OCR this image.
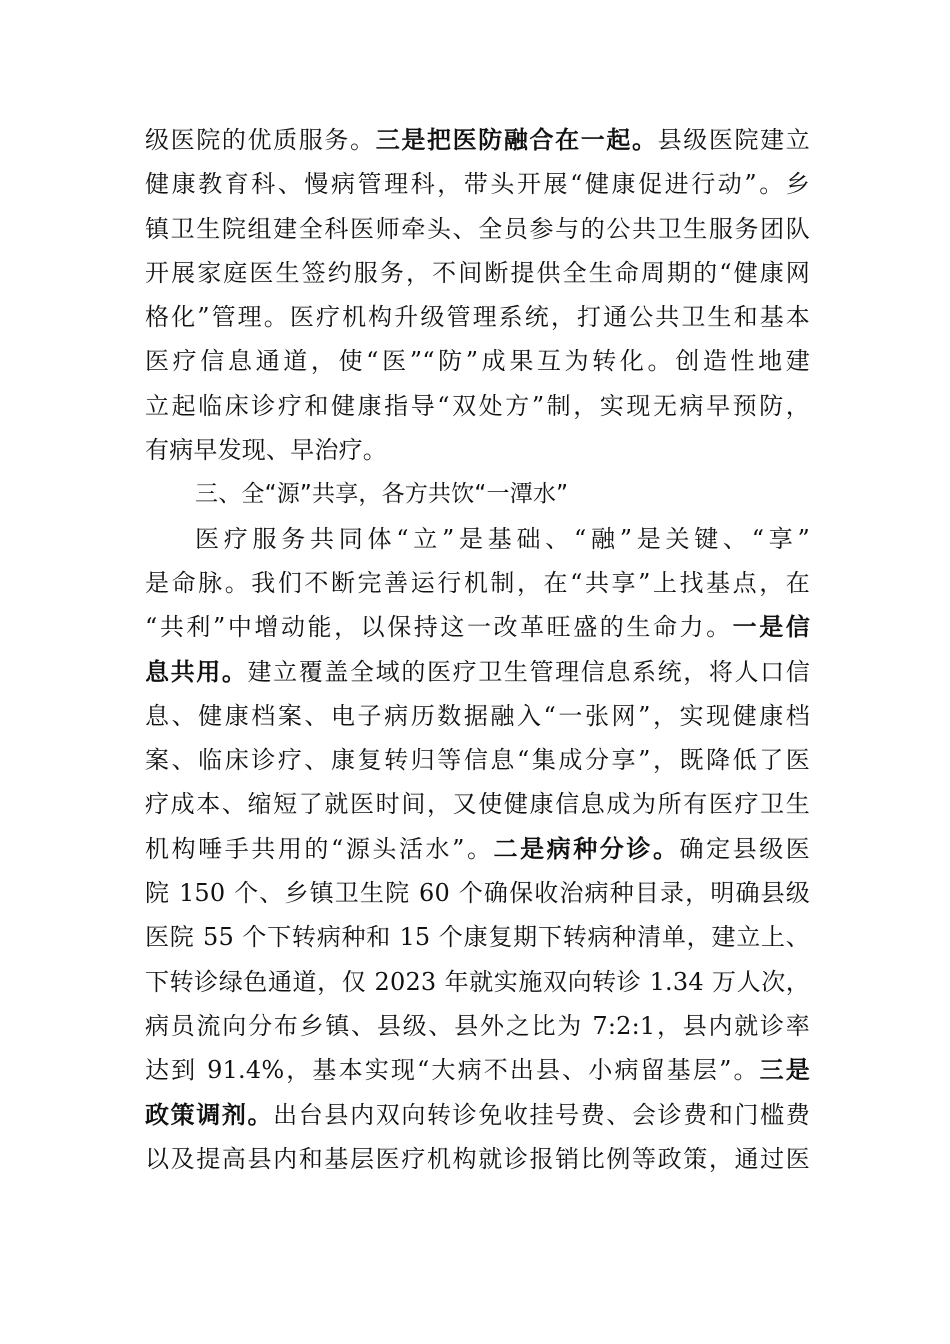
级医院的优质服务。三是把医防融合在一起。县级医院建立
健康教育科、慢病管理科，带头开展“健康促进行动”。乡
镇卫生院组建全科医师牵头、全员参与的公共卫生服务团队
开展家庭医生签约服务，不间断提供全生命周期的“健康网
格化”管理。医疗机构升级管理系统，打通公共卫生和基本
医疗信息通道，使“医”“防”成果互为转化。创造性地建
立起临床诊疗和健康指导“双处方”制，实现无病早预防，
有病早发现、早治疗。
三、全“源”共享，各方共饮“一潭水”
医疗服务共同体“立”是基础、“融”是关键、“享”
是命脉。我们不断完善运行机制，在“共享”上找基点，在
“共利”中增动能，以保持这一改革旺盛的生命力。一是信
息共用。建立覆盖全域的医疗卫生管理信息系统，将人口信
息、健康档案、电子病历数据融入“一张网”，实现健康档
案、临床诊疗、康复转归等信息“集成分享”，既降低了医
疗成本、缩短了就医时间，又使健康信息成为所有医疗卫生
机构唾手共用的“源头活水”。二是病种分诊。确定县级医
院 150 个、乡镇卫生院 60 个确保收治病种目录，明确县级
医院 55 个下转病种和 15 个康复期下转病种清单，建立上、
下转诊绿色通道，仅 2023 年就实施双向转诊 1.34 万人次，
病员流向分布乡镇、县级、县外之比为 7:2:1，县内就诊率
达到 91.4%，基本实现“大病不出县、小病留基层”。三是
政策调剂。出台县内双向转诊免收挂号费、会诊费和门槛费
以及提高县内和基层医疗机构就诊报销比例等政策，通过医
